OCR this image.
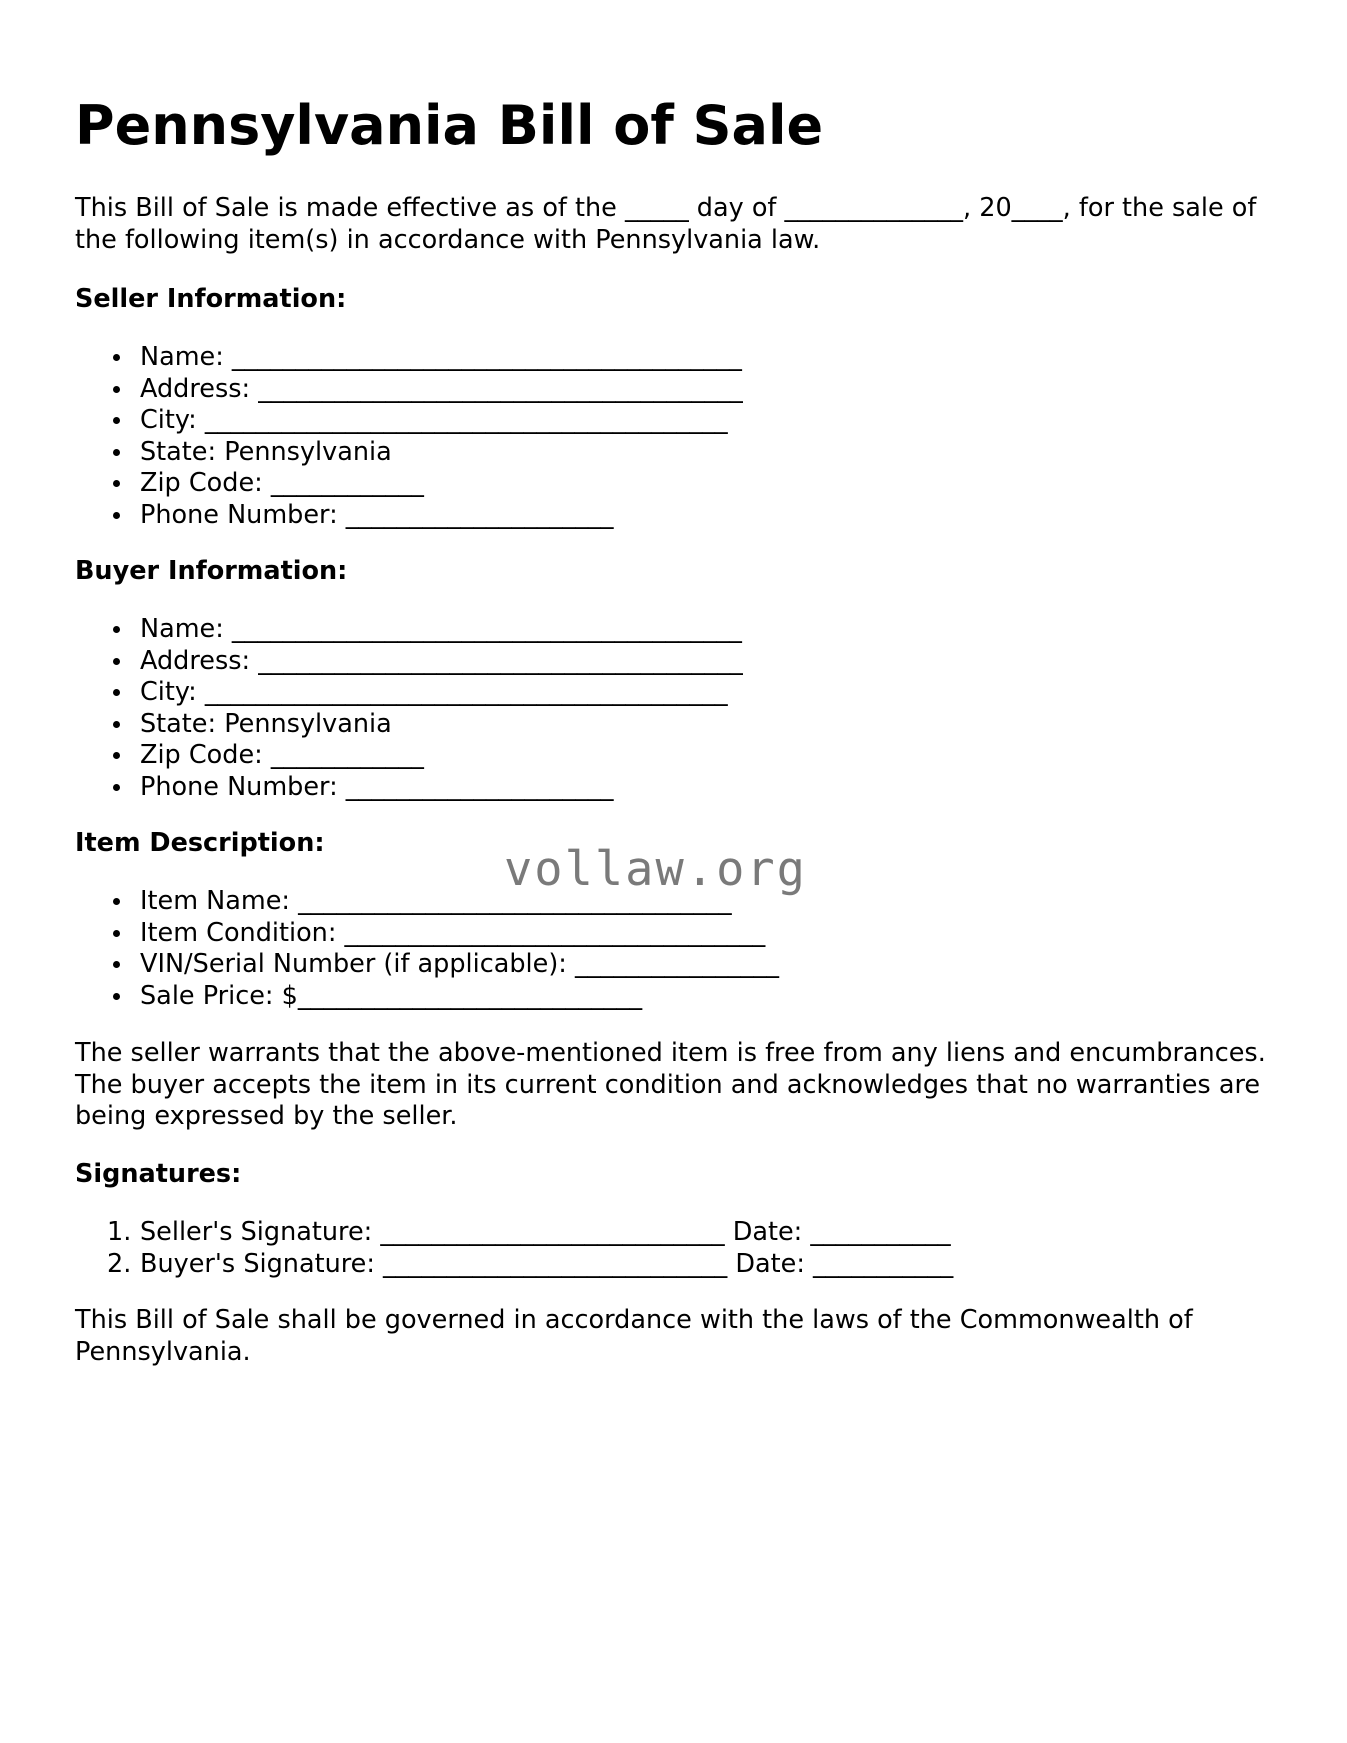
Pennsylvania Bill of Sale

This Bill of Sale is made effective as of the _____ day of ______________, 20____, for the sale of the following item(s) in accordance with Pennsylvania law.

Seller Information:
Name: ________________________________________
Address: ______________________________________
City: _________________________________________
State: Pennsylvania
Zip Code: ____________
Phone Number: _____________________
Buyer Information:
Name: ________________________________________
Address: ______________________________________
City: _________________________________________
State: Pennsylvania
Zip Code: ____________
Phone Number: _____________________
Item Description:
Item Name: __________________________________
Item Condition: _________________________________
VIN/Serial Number (if applicable): ________________
Sale Price: $___________________________

The seller warrants that the above-mentioned item is free from any liens and encumbrances. The buyer accepts the item in its current condition and acknowledges that no warranties are being expressed by the seller.

Signatures:
1. Seller's Signature: ___________________________ Date: ___________
2. Buyer's Signature: ___________________________ Date: ___________

This Bill of Sale shall be governed in accordance with the laws of the Commonwealth of Pennsylvania.

vollaw.org
